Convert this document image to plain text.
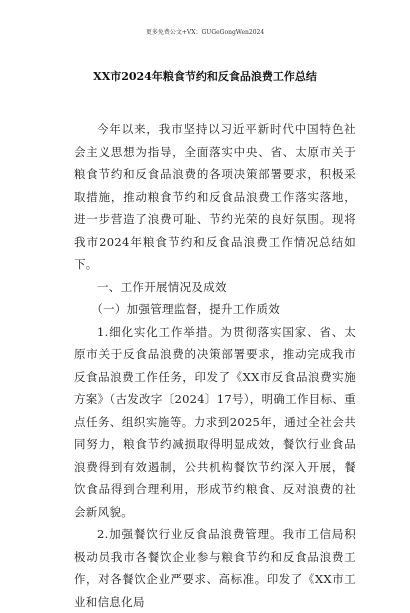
更多免费公文+VX：GUGeGongWen2024
XX市2024年粮食节约和反食品浪费工作总结

今年以来，我市坚持以习近平新时代中国特色社会主义思想为指导，全面落实中央、省、太原市关于粮食节约和反食品浪费的各项决策部署要求，积极采取措施，推动粮食节约和反食品浪费工作落实落地，进一步营造了浪费可耻、节约光荣的良好氛围。现将我市2024年粮食节约和反食品浪费工作情况总结如下。

一、工作开展情况及成效

（一）加强管理监督，提升工作质效

1.细化实化工作举措。为贯彻落实国家、省、太原市关于反食品浪费的决策部署要求，推动完成我市反食品浪费工作任务，印发了《XX市反食品浪费实施方案》（古发改字〔2024〕17号），明确工作目标、重点任务、组织实施等。力求到2025年，通过全社会共同努力，粮食节约减损取得明显成效，餐饮行业食品浪费得到有效遏制，公共机构餐饮节约深入开展，餐饮食品得到合理利用，形成节约粮食、反对浪费的社会新风貌。

2.加强餐饮行业反食品浪费管理。我市工信局积极动员我市各餐饮企业参与粮食节约和反食品浪费工作，对各餐饮企业严要求、高标准。印发了《XX市工业和信息化局
